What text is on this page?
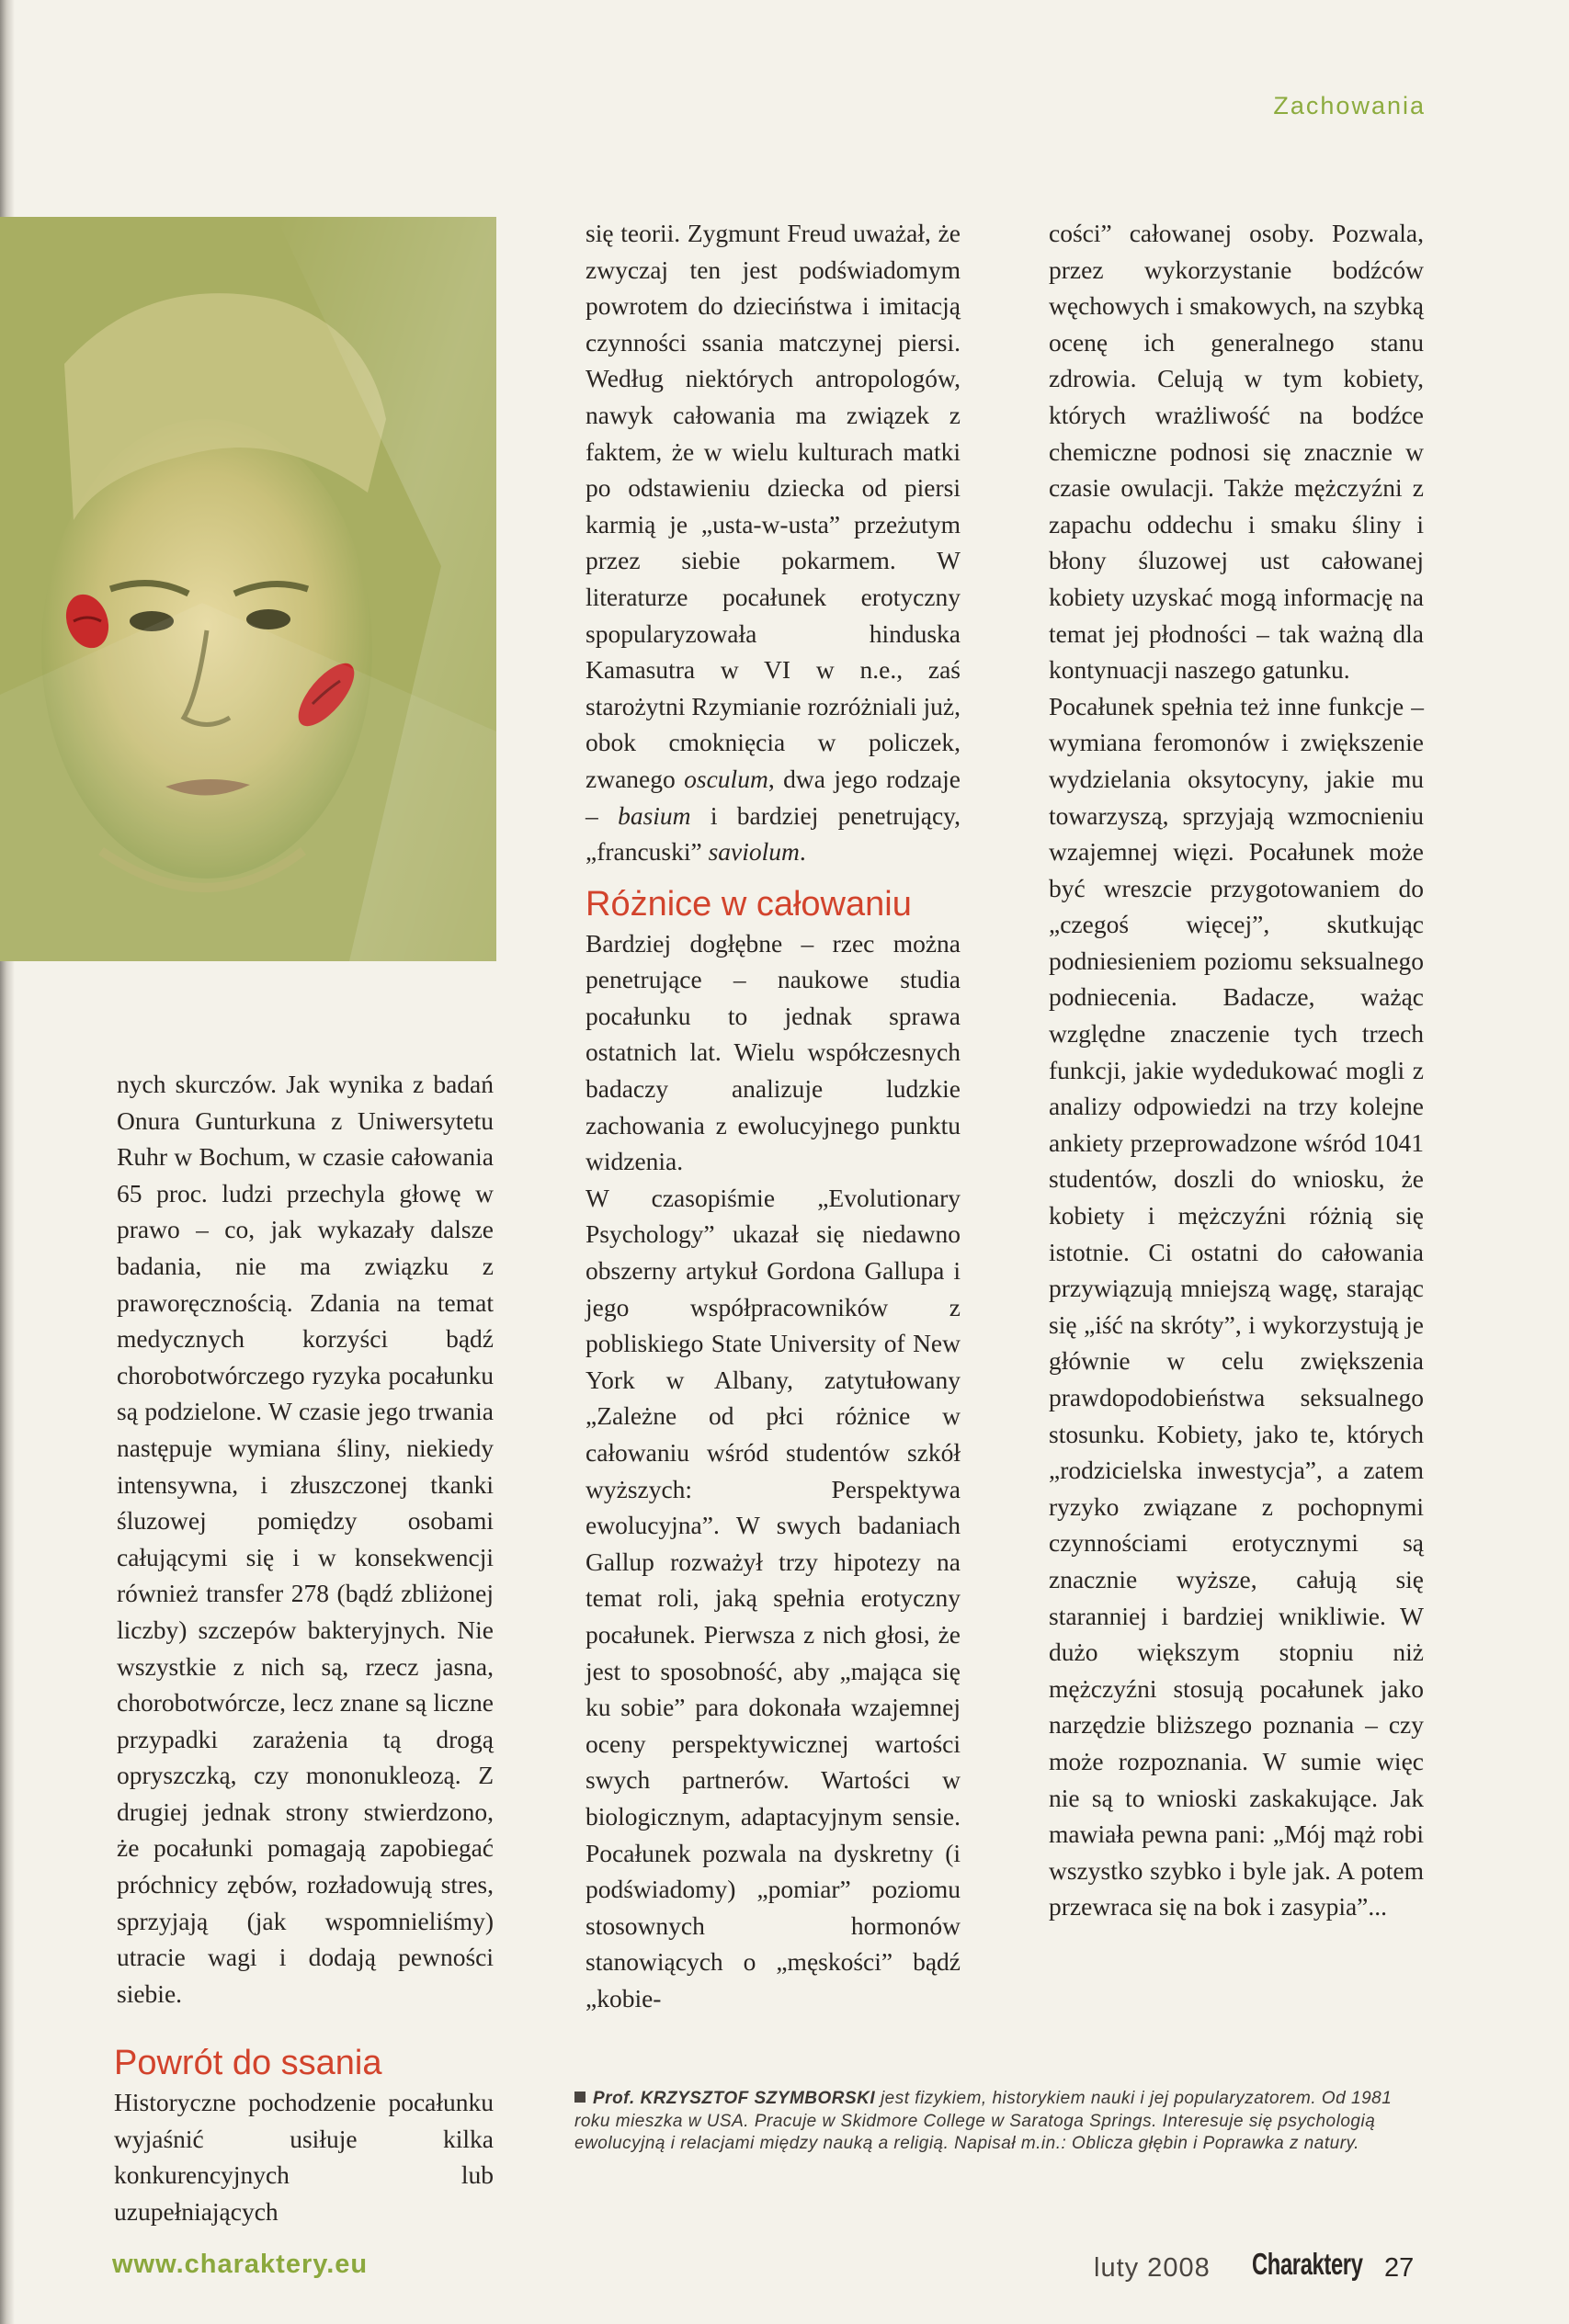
Zachowania

nych skurczów. Jak wynika z badań Onura Gunturkuna z Uniwersytetu Ruhr w Bochum, w czasie całowania 65 proc. ludzi przechyla głowę w prawo – co, jak wykazały dalsze badania, nie ma związku z praworęcznością. Zdania na temat medycznych korzyści bądź chorobotwórczego ryzyka pocałunku są podzielone. W czasie jego trwania następuje wymiana śliny, niekiedy intensywna, i złuszczonej tkanki śluzowej pomiędzy osobami całującymi się i w konsekwencji również transfer 278 (bądź zbliżonej liczby) szczepów bakteryjnych. Nie wszystkie z nich są, rzecz jasna, chorobotwórcze, lecz znane są liczne przypadki zarażenia tą drogą opryszczką, czy mononukleozą. Z drugiej jednak strony stwierdzono, że pocałunki pomagają zapobiegać próchnicy zębów, rozładowują stres, sprzyjają (jak wspomnieliśmy) utracie wagi i dodają pewności siebie.

Powrót do ssania

Historyczne pochodzenie pocałunku wyjaśnić usiłuje kilka konkurencyjnych lub uzupełniających

się teorii. Zygmunt Freud uważał, że zwyczaj ten jest podświadomym powrotem do dzieciństwa i imitacją czynności ssania matczynej piersi. Według niektórych antropologów, nawyk całowania ma związek z faktem, że w wielu kulturach matki po odstawieniu dziecka od piersi karmią je „usta-w-usta” przeżutym przez siebie pokarmem. W literaturze pocałunek erotyczny spopularyzowała hinduska Kamasutra w VI w n.e., zaś starożytni Rzymianie rozróżniali już, obok cmoknięcia w policzek, zwanego osculum, dwa jego rodzaje – basium i bardziej penetrujący, „francuski” saviolum.

Różnice w całowaniu

Bardziej dogłębne – rzec można penetrujące – naukowe studia pocałunku to jednak sprawa ostatnich lat. Wielu współczesnych badaczy analizuje ludzkie zachowania z ewolucyjnego punktu widzenia.

W czasopiśmie „Evolutionary Psychology” ukazał się niedawno obszerny artykuł Gordona Gallupa i jego współpracowników z pobliskiego State University of New York w Albany, zatytułowany „Zależne od płci różnice w całowaniu wśród studentów szkół wyższych: Perspektywa ewolucyjna”. W swych badaniach Gallup rozważył trzy hipotezy na temat roli, jaką spełnia erotyczny pocałunek. Pierwsza z nich głosi, że jest to sposobność, aby „mająca się ku sobie” para dokonała wzajemnej oceny perspektywicznej wartości swych partnerów. Wartości w biologicznym, adaptacyjnym sensie. Pocałunek pozwala na dyskretny (i podświadomy) „pomiar” poziomu stosownych hormonów stanowiących o „męskości” bądź „kobie-

cości” całowanej osoby. Pozwala, przez wykorzystanie bodźców węchowych i smakowych, na szybką ocenę ich generalnego stanu zdrowia. Celują w tym kobiety, których wrażliwość na bodźce chemiczne podnosi się znacznie w czasie owulacji. Także mężczyźni z zapachu oddechu i smaku śliny i błony śluzowej ust całowanej kobiety uzyskać mogą informację na temat jej płodności – tak ważną dla kontynuacji naszego gatunku.

Pocałunek spełnia też inne funkcje – wymiana feromonów i zwiększenie wydzielania oksytocyny, jakie mu towarzyszą, sprzyjają wzmocnieniu wzajemnej więzi. Pocałunek może być wreszcie przygotowaniem do „czegoś więcej”, skutkując podniesieniem poziomu seksualnego podniecenia. Badacze, ważąc względne znaczenie tych trzech funkcji, jakie wydedukować mogli z analizy odpowiedzi na trzy kolejne ankiety przeprowadzone wśród 1041 studentów, doszli do wniosku, że kobiety i mężczyźni różnią się istotnie. Ci ostatni do całowania przywiązują mniejszą wagę, starając się „iść na skróty”, i wykorzystują je głównie w celu zwiększenia prawdopodobieństwa seksualnego stosunku. Kobiety, jako te, których „rodzicielska inwestycja”, a zatem ryzyko związane z pochopnymi czynnościami erotycznymi są znacznie wyższe, całują się staranniej i bardziej wnikliwie. W dużo większym stopniu niż mężczyźni stosują pocałunek jako narzędzie bliższego poznania – czy może rozpoznania. W sumie więc nie są to wnioski zaskakujące. Jak mawiała pewna pani: „Mój mąż robi wszystko szybko i byle jak. A potem przewraca się na bok i zasypia”...

Prof. KRZYSZTOF SZYMBORSKI jest fizykiem, historykiem nauki i jej popularyzatorem. Od 1981 roku mieszka w USA. Pracuje w Skidmore College w Saratoga Springs. Interesuje się psychologią ewolucyjną i relacjami między nauką a religią. Napisał m.in.: Oblicza głębin i Poprawka z natury.
www.charaktery.eu	luty 2008 Charaktery 27
